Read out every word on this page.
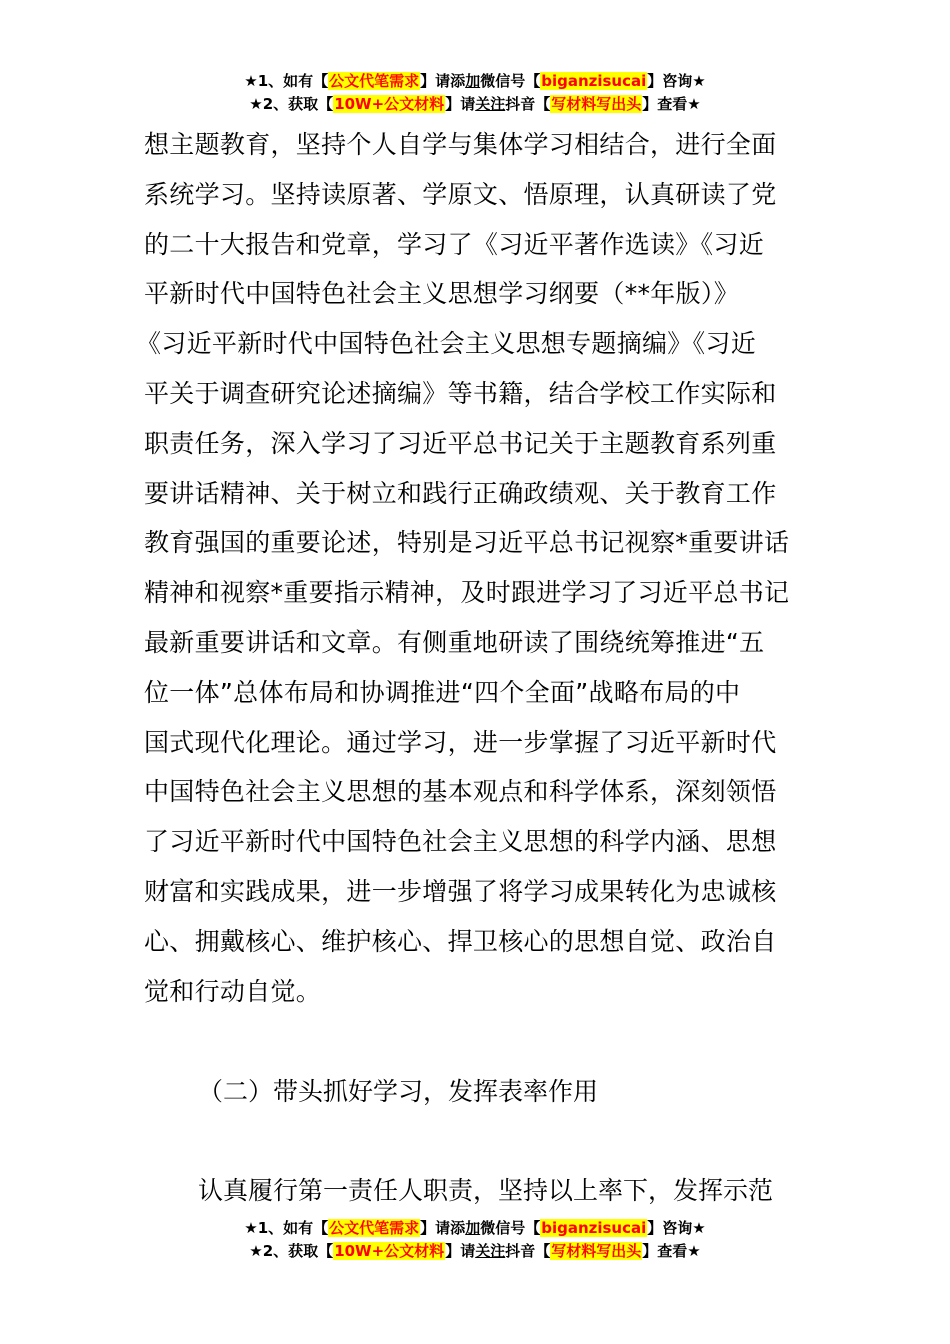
★1、如有【公文代笔需求】请添加微信号【biganzisucai】咨询★
★2、获取【10W+公文材料】请关注抖音【写材料写出头】查看★
想主题教育，坚持个人自学与集体学习相结合，进行全面
系统学习。坚持读原著、学原文、悟原理，认真研读了党
的二十大报告和党章，学习了《习近平著作选读》《习近
平新时代中国特色社会主义思想学习纲要（**年版）》
《习近平新时代中国特色社会主义思想专题摘编》《习近
平关于调查研究论述摘编》等书籍，结合学校工作实际和
职责任务，深入学习了习近平总书记关于主题教育系列重
要讲话精神、关于树立和践行正确政绩观、关于教育工作
教育强国的重要论述，特别是习近平总书记视察*重要讲话
精神和视察*重要指示精神，及时跟进学习了习近平总书记
最新重要讲话和文章。有侧重地研读了围绕统筹推进“五
位一体”总体布局和协调推进“四个全面”战略布局的中
国式现代化理论。通过学习，进一步掌握了习近平新时代
中国特色社会主义思想的基本观点和科学体系，深刻领悟
了习近平新时代中国特色社会主义思想的科学内涵、思想
财富和实践成果，进一步增强了将学习成果转化为忠诚核
心、拥戴核心、维护核心、捍卫核心的思想自觉、政治自
觉和行动自觉。
（二）带头抓好学习，发挥表率作用
认真履行第一责任人职责，坚持以上率下，发挥示范
★1、如有【公文代笔需求】请添加微信号【biganzisucai】咨询★
★2、获取【10W+公文材料】请关注抖音【写材料写出头】查看★
